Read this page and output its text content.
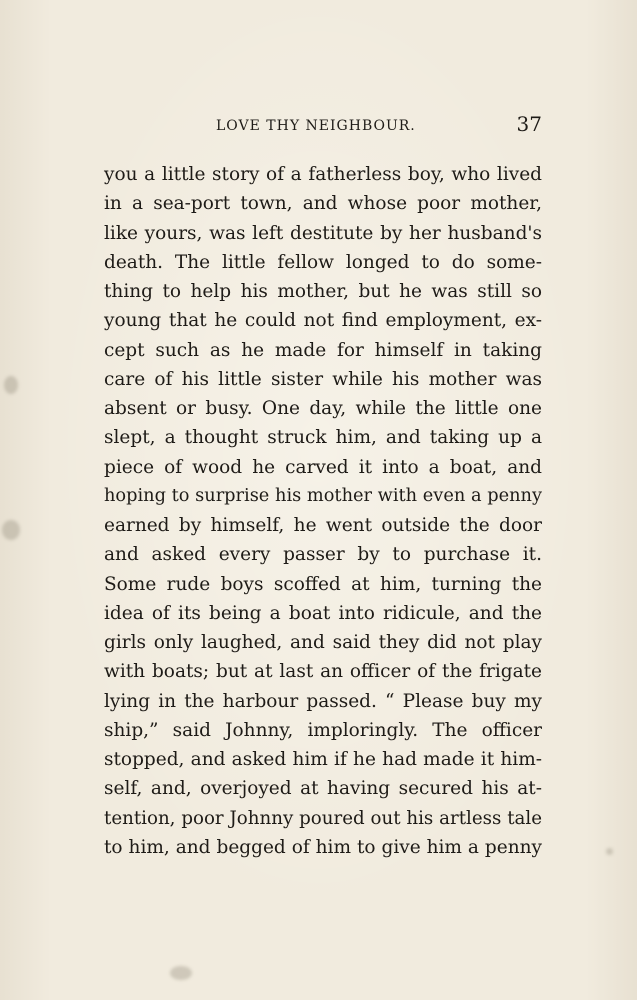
LOVE THY NEIGHBOUR.	37
you a little story of a fatherless boy, who lived
in a sea-port town, and whose poor mother,
like yours, was left destitute by her husband's
death. The little fellow longed to do some-
thing to help his mother, but he was still so
young that he could not find employment, ex-
cept such as he made for himself in taking
care of his little sister while his mother was
absent or busy. One day, while the little one
slept, a thought struck him, and taking up a
piece of wood he carved it into a boat, and
hoping to surprise his mother with even a penny
earned by himself, he went outside the door
and asked every passer by to purchase it.
Some rude boys scoffed at him, turning the
idea of its being a boat into ridicule, and the
girls only laughed, and said they did not play
with boats; but at last an officer of the frigate
lying in the harbour passed. “ Please buy my
ship,” said Johnny, imploringly. The officer
stopped, and asked him if he had made it him-
self, and, overjoyed at having secured his at-
tention, poor Johnny poured out his artless tale
to him, and begged of him to give him a penny
